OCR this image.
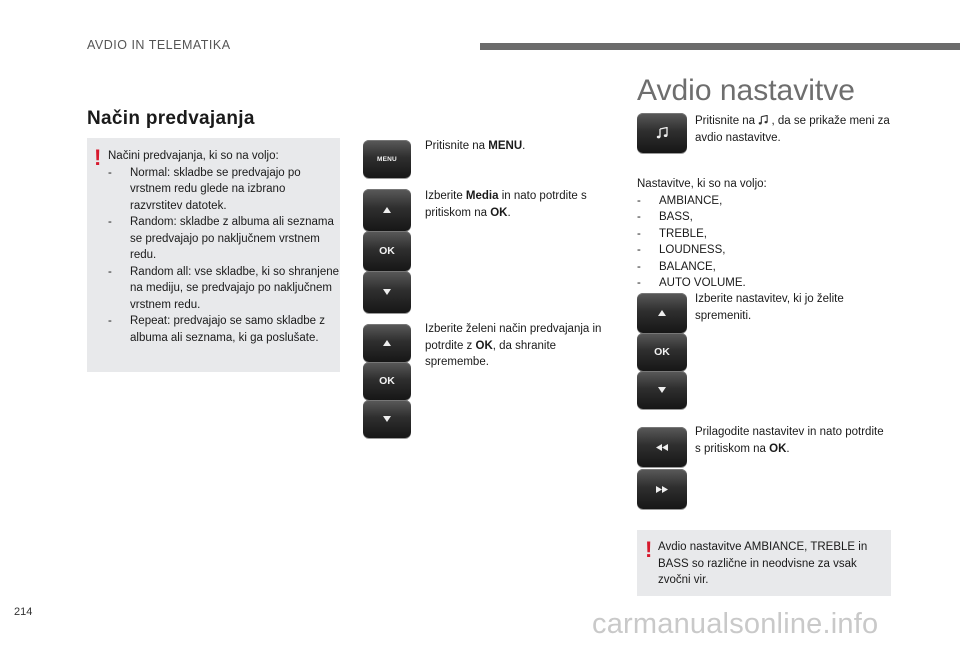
AVDIO IN TELEMATIKA
Način predvajanja
! Načini predvajanja, ki so na voljo:
- Normal: skladbe se predvajajo po vrstnem redu glede na izbrano razvrstitev datotek.
- Random: skladbe z albuma ali seznama se predvajajo po naključnem vrstnem redu.
- Random all: vse skladbe, ki so shranjene na mediju, se predvajajo po naključnem vrstnem redu.
- Repeat: predvajajo se samo skladbe z albuma ali seznama, ki ga poslušate.
MENU
Pritisnite na MENU.
OK
Izberite Media in nato potrdite s pritiskom na OK.
OK
Izberite želeni način predvajanja in potrdite z OK, da shranite spremembe.
Avdio nastavitve
Pritisnite na  , da se prikaže meni za avdio nastavitve.
Nastavitve, ki so na voljo:
- AMBIANCE,
- BASS,
- TREBLE,
- LOUDNESS,
- BALANCE,
- AUTO VOLUME.
OK
Izberite nastavitev, ki jo želite spremeniti.
Prilagodite nastavitev in nato potrdite s pritiskom na OK.
! Avdio nastavitve AMBIANCE, TREBLE in BASS so različne in neodvisne za vsak zvočni vir.
214	carmanualsonline.info
